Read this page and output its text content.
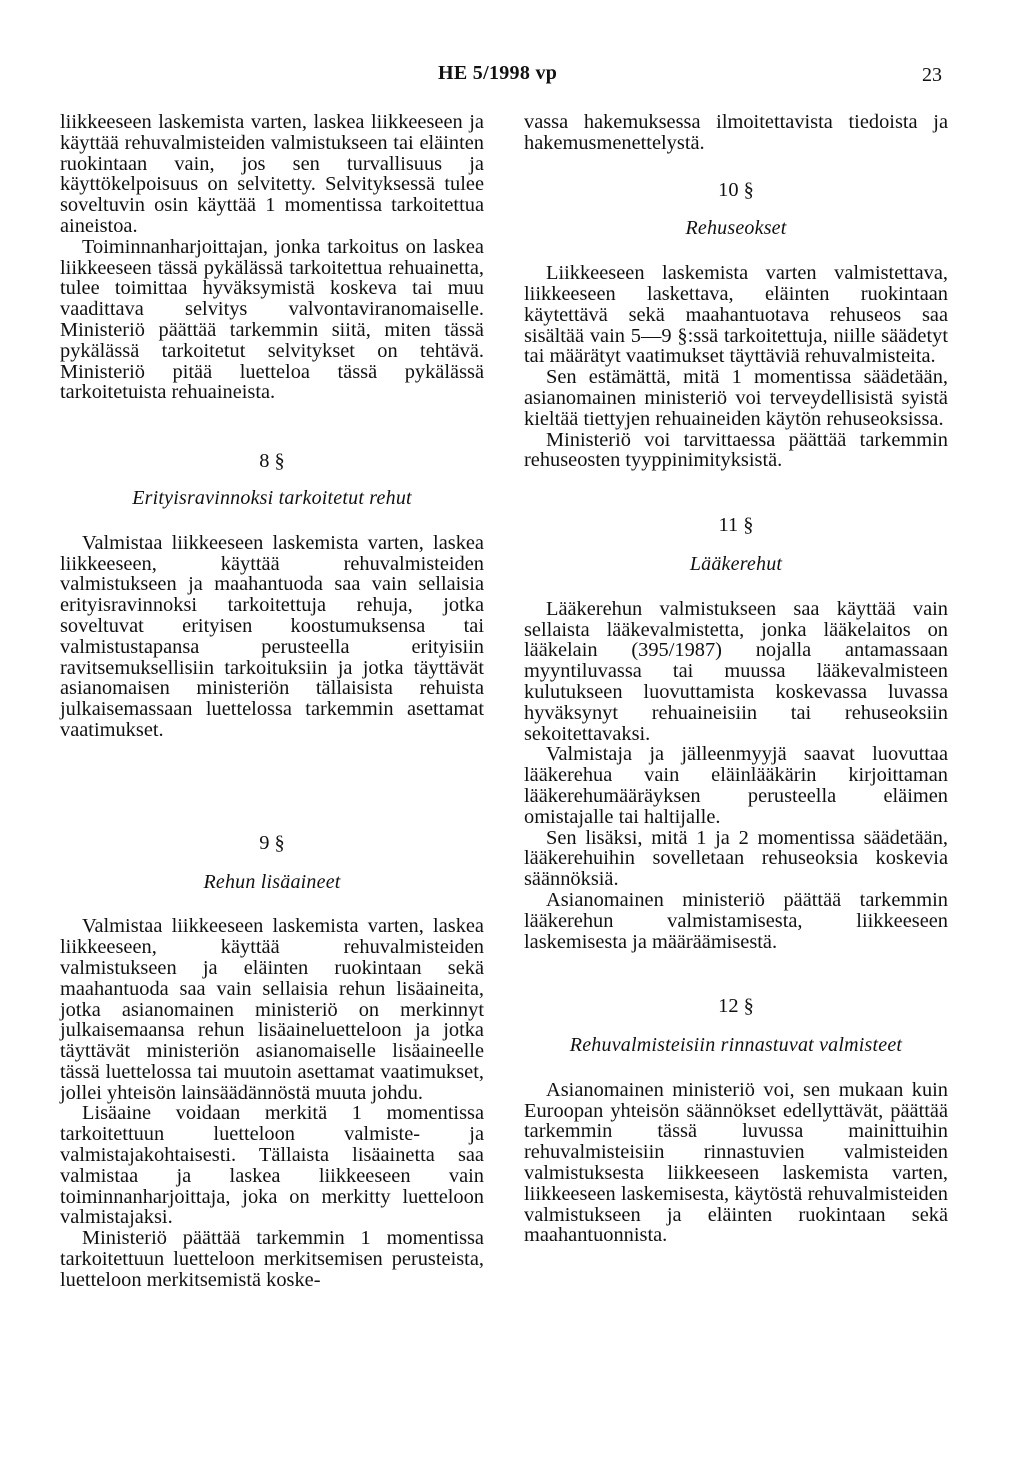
HE 5/1998 vp	23

liikkeeseen laskemista varten, laskea liikkeeseen ja käyttää rehuvalmisteiden valmistukseen tai eläinten ruokintaan vain, jos sen turvallisuus ja käyttökelpoisuus on selvitetty. Selvityksessä tulee soveltuvin osin käyttää 1 momentissa tarkoitettua aineistoa.

Toiminnanharjoittajan, jonka tarkoitus on laskea liikkeeseen tässä pykälässä tarkoitettua rehuainetta, tulee toimittaa hyväksymistä koskeva tai muu vaadittava selvitys valvontaviranomaiselle. Ministeriö päättää tarkemmin siitä, miten tässä pykälässä tarkoitetut selvitykset on tehtävä. Ministeriö pitää luetteloa tässä pykälässä tarkoitetuista rehuaineista.

8 §

Erityisravinnoksi tarkoitetut rehut

Valmistaa liikkeeseen laskemista varten, laskea liikkeeseen, käyttää rehuvalmisteiden valmistukseen ja maahantuoda saa vain sellaisia erityisravinnoksi tarkoitettuja rehuja, jotka soveltuvat erityisen koostumuksensa tai valmistustapansa perusteella erityisiin ravitsemuksellisiin tarkoituksiin ja jotka täyttävät asianomaisen ministeriön tällaisista rehuista julkaisemassaan luettelossa tarkemmin asettamat vaatimukset.

9 §

Rehun lisäaineet

Valmistaa liikkeeseen laskemista varten, laskea liikkeeseen, käyttää rehuvalmisteiden valmistukseen ja eläinten ruokintaan sekä maahantuoda saa vain sellaisia rehun lisäaineita, jotka asianomainen ministeriö on merkinnyt julkaisemaansa rehun lisäaineluetteloon ja jotka täyttävät ministeriön asianomaiselle lisäaineelle tässä luettelossa tai muutoin asettamat vaatimukset, jollei yhteisön lainsäädännöstä muuta johdu.

Lisäaine voidaan merkitä 1 momentissa tarkoitettuun luetteloon valmiste- ja valmistajakohtaisesti. Tällaista lisäainetta saa valmistaa ja laskea liikkeeseen vain toiminnanharjoittaja, joka on merkitty luetteloon valmistajaksi.

Ministeriö päättää tarkemmin 1 momentissa tarkoitettuun luetteloon merkitsemisen perusteista, luetteloon merkitsemistä koske-

vassa hakemuksessa ilmoitettavista tiedoista ja hakemusmenettelystä.

10 §

Rehuseokset

Liikkeeseen laskemista varten valmistettava, liikkeeseen laskettava, eläinten ruokintaan käytettävä sekä maahantuotava rehuseos saa sisältää vain 5—9 §:ssä tarkoitettuja, niille säädetyt tai määrätyt vaatimukset täyttäviä rehuvalmisteita.

Sen estämättä, mitä 1 momentissa säädetään, asianomainen ministeriö voi terveydellisistä syistä kieltää tiettyjen rehuaineiden käytön rehuseoksissa.

Ministeriö voi tarvittaessa päättää tarkemmin rehuseosten tyyppinimityksistä.

11 §

Lääkerehut

Lääkerehun valmistukseen saa käyttää vain sellaista lääkevalmistetta, jonka lääkelaitos on lääkelain (395/1987) nojalla antamassaan myyntiluvassa tai muussa lääkevalmisteen kulutukseen luovuttamista koskevassa luvassa hyväksynyt rehuaineisiin tai rehuseoksiin sekoitettavaksi.

Valmistaja ja jälleenmyyjä saavat luovuttaa lääkerehua vain eläinlääkärin kirjoittaman lääkerehumääräyksen perusteella eläimen omistajalle tai haltijalle.

Sen lisäksi, mitä 1 ja 2 momentissa säädetään, lääkerehuihin sovelletaan rehuseoksia koskevia säännöksiä.

Asianomainen ministeriö päättää tarkemmin lääkerehun valmistamisesta, liikkeeseen laskemisesta ja määräämisestä.

12 §

Rehuvalmisteisiin rinnastuvat valmisteet

Asianomainen ministeriö voi, sen mukaan kuin Euroopan yhteisön säännökset edellyttävät, päättää tarkemmin tässä luvussa mainittuihin rehuvalmisteisiin rinnastuvien valmisteiden valmistuksesta liikkeeseen laskemista varten, liikkeeseen laskemisesta, käytöstä rehuvalmisteiden valmistukseen ja eläinten ruokintaan sekä maahantuonnista.
